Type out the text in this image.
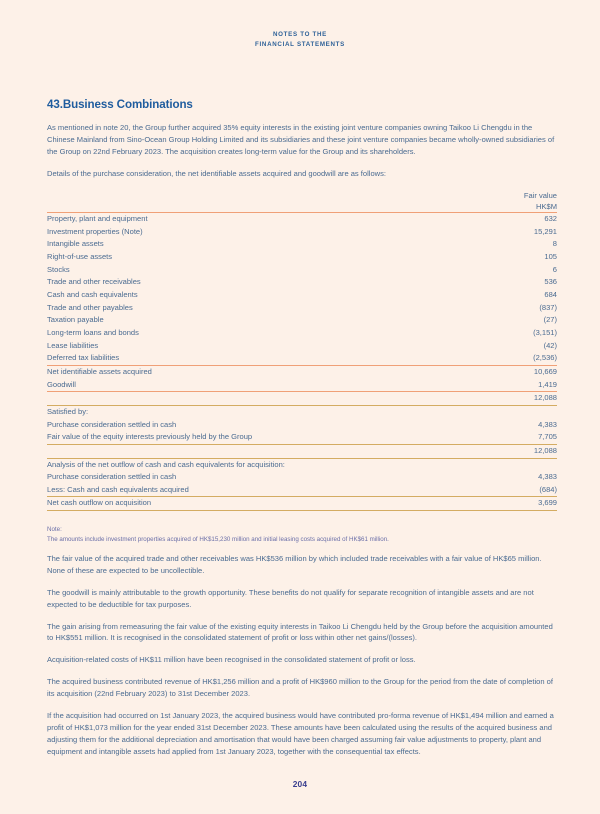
NOTES TO THE
FINANCIAL STATEMENTS
43.Business Combinations

As mentioned in note 20, the Group further acquired 35% equity interests in the existing joint venture companies owning Taikoo Li Chengdu in the Chinese Mainland from Sino-Ocean Group Holding Limited and its subsidiaries and these joint venture companies became wholly-owned subsidiaries of the Group on 22nd February 2023. The acquisition creates long-term value for the Group and its shareholders.

Details of the purchase consideration, the net identifiable assets acquired and goodwill are as follows:

	Fair value
	HK$M
Property, plant and equipment	632
Investment properties (Note)	15,291
Intangible assets	8
Right-of-use assets	105
Stocks	6
Trade and other receivables	536
Cash and cash equivalents	684
Trade and other payables	(837)
Taxation payable	(27)
Long-term loans and bonds	(3,151)
Lease liabilities	(42)
Deferred tax liabilities	(2,536)
Net identifiable assets acquired	10,669
Goodwill	1,419
	12,088
Satisfied by:	
Purchase consideration settled in cash	4,383
Fair value of the equity interests previously held by the Group	7,705
	12,088
Analysis of the net outflow of cash and cash equivalents for acquisition:	
Purchase consideration settled in cash	4,383
Less: Cash and cash equivalents acquired	(684)
Net cash outflow on acquisition	3,699

Note:

The amounts include investment properties acquired of HK$15,230 million and initial leasing costs acquired of HK$61 million.

The fair value of the acquired trade and other receivables was HK$536 million by which included trade receivables with a fair value of HK$65 million. None of these are expected to be uncollectible.

The goodwill is mainly attributable to the growth opportunity. These benefits do not qualify for separate recognition of intangible assets and are not expected to be deductible for tax purposes.

The gain arising from remeasuring the fair value of the existing equity interests in Taikoo Li Chengdu held by the Group before the acquisition amounted to HK$551 million. It is recognised in the consolidated statement of profit or loss within other net gains/(losses).

Acquisition-related costs of HK$11 million have been recognised in the consolidated statement of profit or loss.

The acquired business contributed revenue of HK$1,256 million and a profit of HK$960 million to the Group for the period from the date of completion of its acquisition (22nd February 2023) to 31st December 2023.

If the acquisition had occurred on 1st January 2023, the acquired business would have contributed pro-forma revenue of HK$1,494 million and earned a profit of HK$1,073 million for the year ended 31st December 2023. These amounts have been calculated using the results of the acquired business and adjusting them for the additional depreciation and amortisation that would have been charged assuming fair value adjustments to property, plant and equipment and intangible assets had applied from 1st January 2023, together with the consequential tax effects.

204
